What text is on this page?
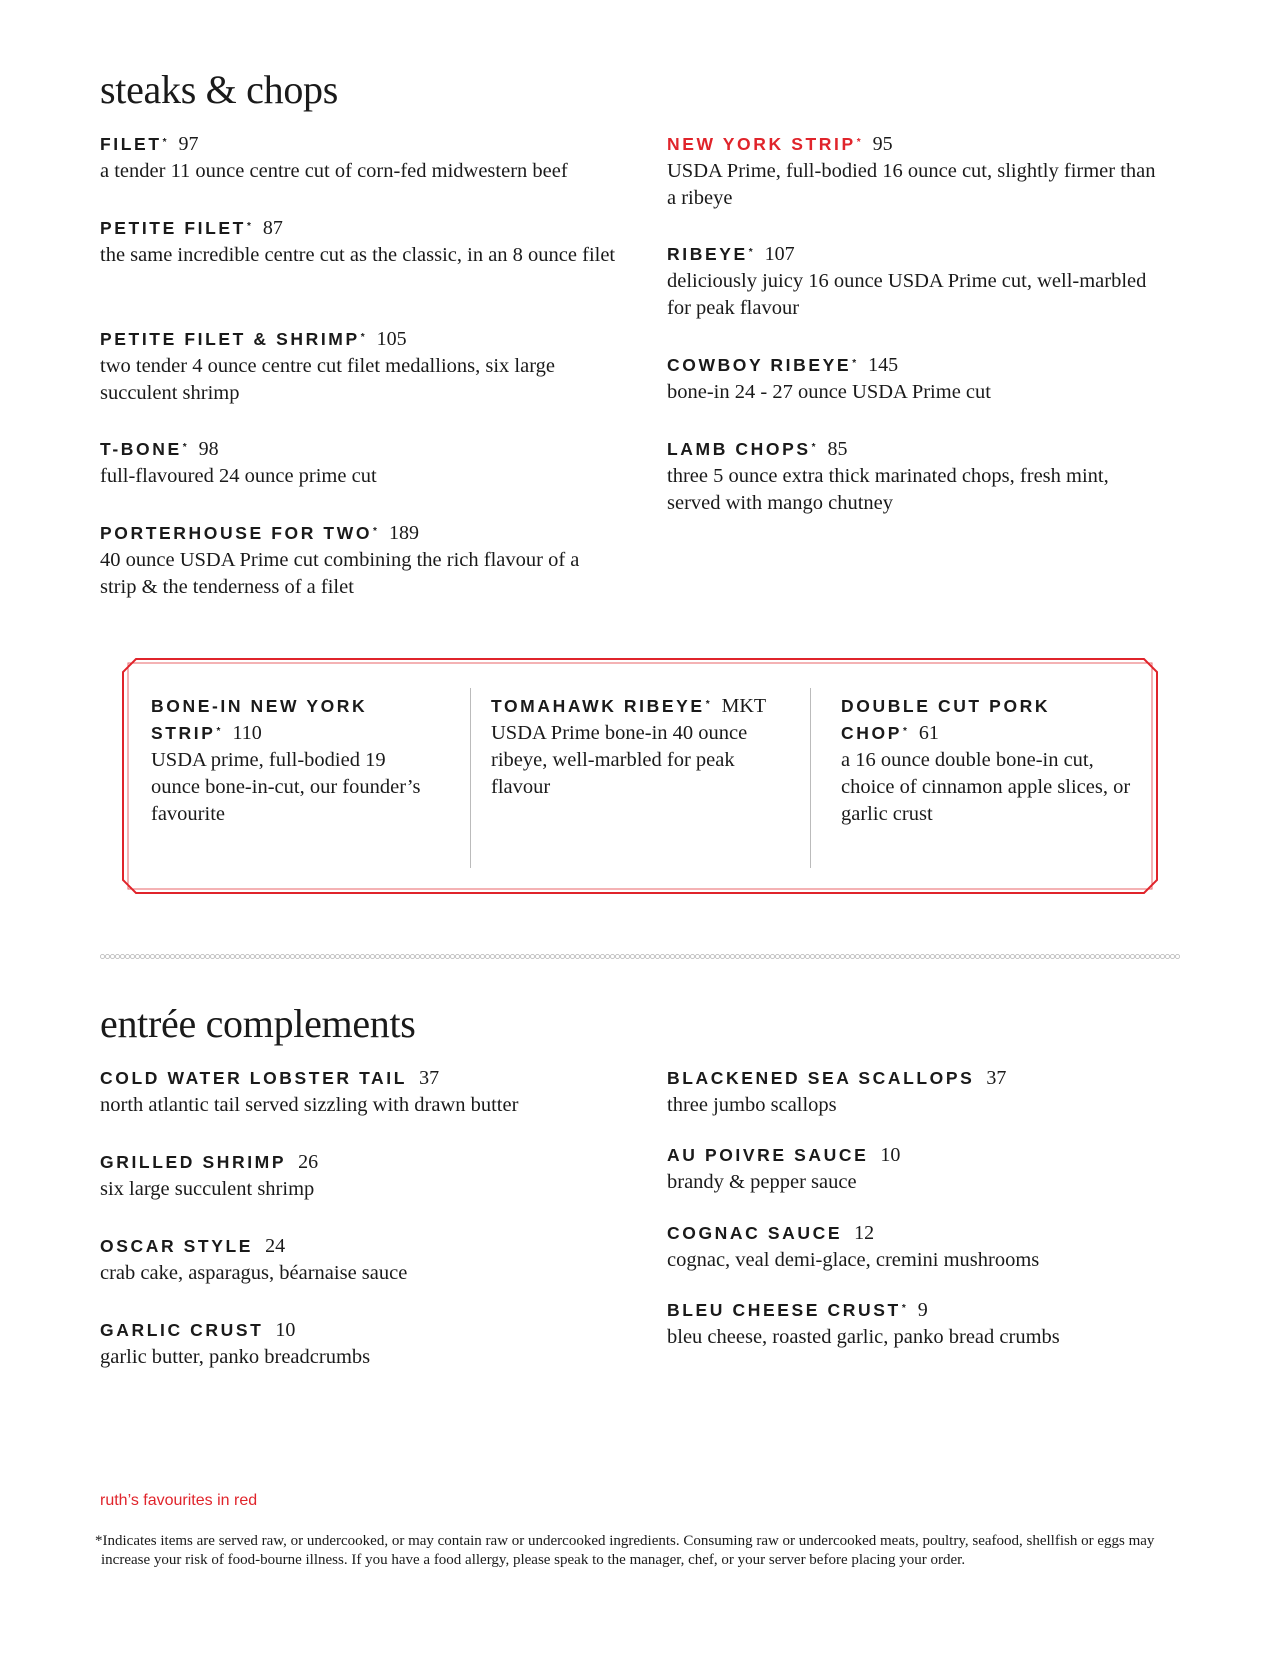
steaks & chops
FILET* 97
a tender 11 ounce centre cut of corn-fed midwestern beef
PETITE FILET* 87
the same incredible centre cut as the classic, in an 8 ounce filet
PETITE FILET & SHRIMP* 105
two tender 4 ounce centre cut filet medallions, six large succulent shrimp
T-BONE* 98
full-flavoured 24 ounce prime cut
PORTERHOUSE FOR TWO* 189
40 ounce USDA Prime cut combining the rich flavour of a strip & the tenderness of a filet
NEW YORK STRIP* 95
USDA Prime, full-bodied 16 ounce cut, slightly firmer than a ribeye
RIBEYE* 107
deliciously juicy 16 ounce USDA Prime cut, well-marbled for peak flavour
COWBOY RIBEYE* 145
bone-in 24 - 27 ounce USDA Prime cut
LAMB CHOPS* 85
three 5 ounce extra thick marinated chops, fresh mint, served with mango chutney
BONE-IN NEW YORK STRIP* 110
USDA prime, full-bodied 19 ounce bone-in-cut, our founder’s favourite
TOMAHAWK RIBEYE* MKT
USDA Prime bone-in 40 ounce ribeye, well-marbled for peak flavour
DOUBLE CUT PORK CHOP* 61
a 16 ounce double bone-in cut, choice of cinnamon apple slices, or garlic crust
entrée complements
COLD WATER LOBSTER TAIL 37
north atlantic tail served sizzling with drawn butter
GRILLED SHRIMP 26
six large succulent shrimp
OSCAR STYLE 24
crab cake, asparagus, béarnaise sauce
GARLIC CRUST 10
garlic butter, panko breadcrumbs
BLACKENED SEA SCALLOPS 37
three jumbo scallops
AU POIVRE SAUCE 10
brandy & pepper sauce
COGNAC SAUCE 12
cognac, veal demi-glace, cremini mushrooms
BLEU CHEESE CRUST* 9
bleu cheese, roasted garlic, panko bread crumbs
ruth’s favourites in red
*Indicates items are served raw, or undercooked, or may contain raw or undercooked ingredients. Consuming raw or undercooked meats, poultry, seafood, shellfish or eggs may increase your risk of food-bourne illness. If you have a food allergy, please speak to the manager, chef, or your server before placing your order.
